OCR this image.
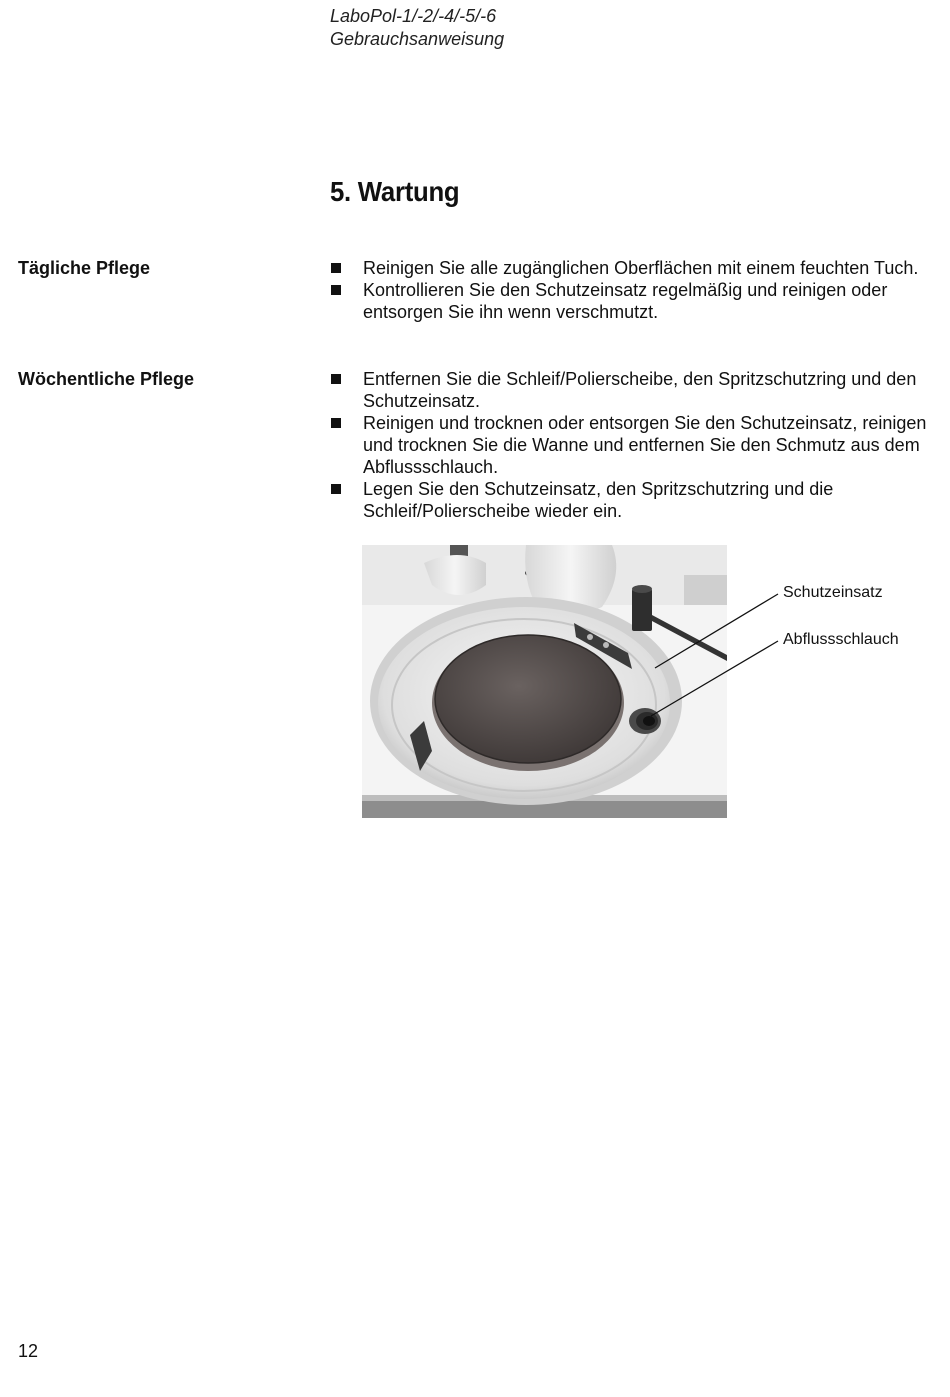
LaboPol-1/-2/-4/-5/-6
Gebrauchsanweisung
5. Wartung
Tägliche Pflege	Reinigen Sie alle zugänglichen Oberflächen mit einem feuchten Tuch.
Kontrollieren Sie den Schutzeinsatz regelmäßig und reinigen oder entsorgen Sie ihn wenn verschmutzt.
Wöchentliche Pflege	Entfernen Sie die Schleif/Polierscheibe, den Spritzschutzring und den Schutzeinsatz.
Reinigen und trocknen oder entsorgen Sie den Schutzeinsatz, reinigen und trocknen Sie die Wanne und entfernen Sie den Schmutz aus dem Abflussschlauch.
Legen Sie den Schutzeinsatz, den Spritzschutzring und die Schleif/Polierscheibe wieder ein.
Schutzeinsatz
Abflussschlauch
12
